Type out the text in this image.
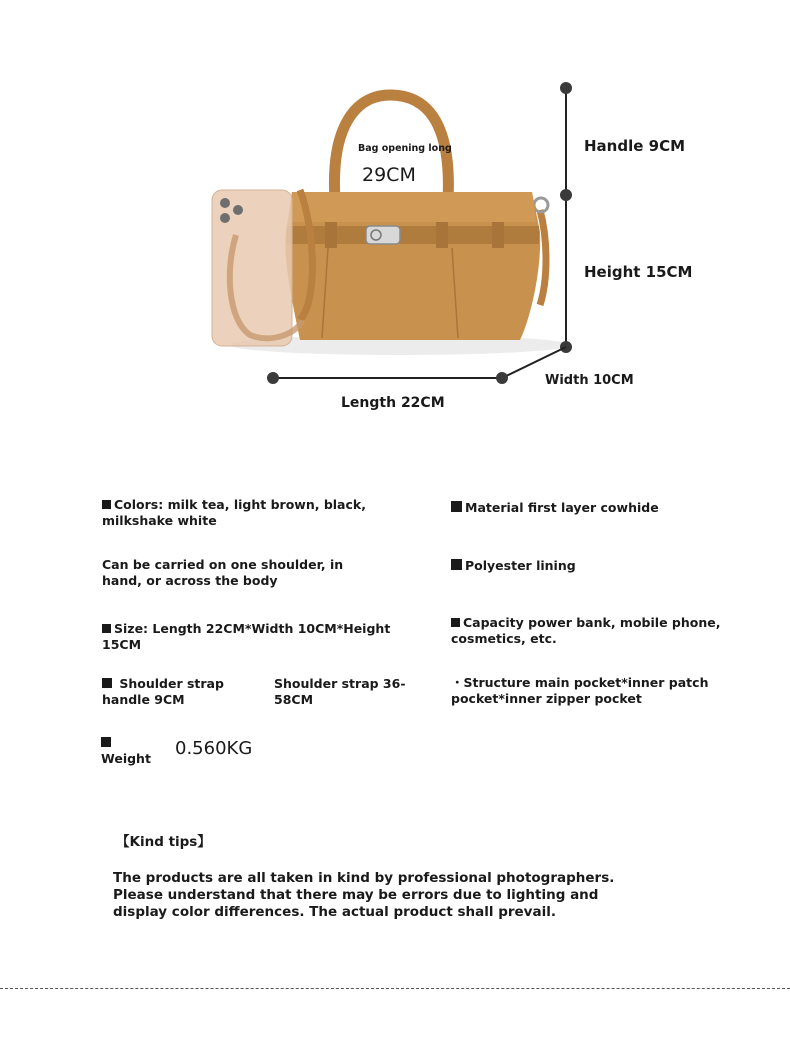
Bag opening long
29CM
Handle 9CM
Height 15CM
Width 10CM
Length 22CM
Colors: milk tea, light brown, black, milkshake white
Can be carried on one shoulder, in hand, or across the body
Size: Length 22CM*Width 10CM*Height 15CM
Shoulder strap handle 9CM
Shoulder strap 36-58CM

Weight 0.560KG
Material first layer cowhide
Polyester lining
Capacity power bank, mobile phone, cosmetics, etc.
・Structure main pocket*inner patch pocket*inner zipper pocket
【Kind tips】
The products are all taken in kind by professional photographers. Please understand that there may be errors due to lighting and display color differences. The actual product shall prevail.
